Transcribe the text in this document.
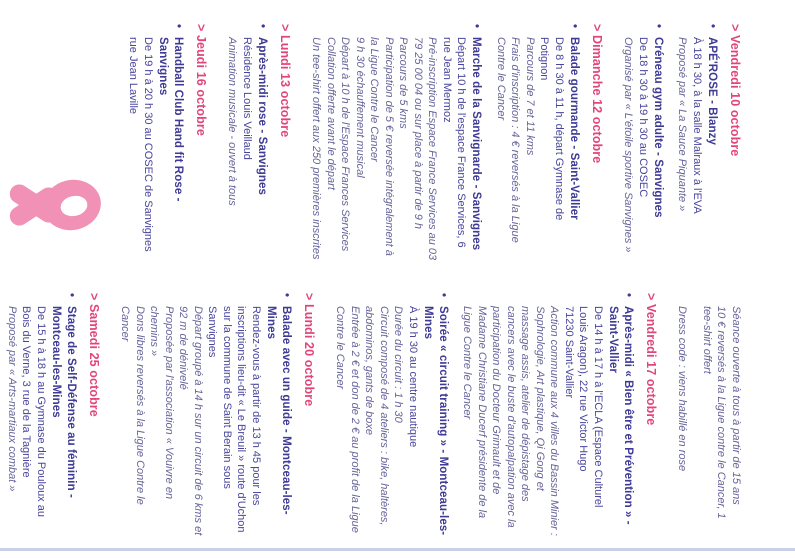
> Vendredi 10 octobre
•
APÉ'ROSE - Blanzy
À 18 h 30, à la salle Malraux à l'EVA
Proposé par « La Sauce Piquante »
•
Créneau gym adulte - Sanvignes
De 18 h 30 à 19 h 30 au COSEC
Organisé par « L'étoile sportive Sanvignes »
> Dimanche 12 octobre
•
Balade gourmande - Saint-Vallier
De 8 h 30 à 11 h, départ Gymnase de Potignon
Parcours de 7 et 11 kms
Frais d'inscription : 4 € reversés à la Ligue Contre le Cancer
•
Marche de la Sanvignarde - Sanvignes
Départ 10 h de l'espace France Services, 6 rue Jean Mermoz
Pré-inscription Espace France Services au 03 79 25 00 04 ou sur place à partir de 9 h
Parcours de 5 kms
Participation de 5 € reversée intégralement à la Ligue Contre le Cancer
9 h 30 échauffement musical
Départ à 10 h de l'Espace Frances Services
Collation offerte avant le départ
Un tee-shirt offert aux 250 premières inscrites
> Lundi 13 octobre
•
Après-midi rose - Sanvignes
Résidence Louis Veillaud
Animation musicale - ouvert à tous
> Jeudi 16 octobre
•
Handball Club Hand fit Rose - Sanvignes
De 19 h à 20 h 30 au COSEC de Sanvignes rue Jean Laville
Séance ouverte à tous à partir de 15 ans
10 € reversés à la Ligue contre le Cancer, 1 tee-shirt offert
Dress code : viens habillé en rose
> Vendredi 17 octobre
•
Après-midi « Bien être et Prévention » - Saint-Vallier
De 14 h à 17 h à l'ECLA (Espace Culturel Louis Aragon), 22 rue Victor Hugo
71230 Saint-Vallier
Action commune aux 4 villes du Bassin Minier : Sophrologie, Art plastique, Qi Gong et massage assis, atelier de dépistage des cancers avec le buste d'autopalpation avec la participation du Docteur Grimault et de Madame Christiane Ducerf présidente de la Ligue Contre le Cancer
•
Soirée « circuit training » - Montceau-les-Mines
À 19 h 30 au centre nautique
Durée du circuit : 1 h 30
Circuit composé de 4 ateliers : bike, haltères, abdominos, gants de boxe
Entrée à 2 € et don de 2 € au profit de la Ligue Contre le Cancer
> Lundi 20 octobre
•
Balade avec un guide - Montceau-les-Mines
Rendez-vous à partir de 13 h 45 pour les inscriptions lieu-dit « Le Breuil » route d'Uchon sur la commune de Saint Berain sous Sanvignes
Départ groupé à 14 h sur un circuit de 6 kms et 92 m de dénivelé
Proposée par l'association « Vouivre en chemins »
Dons libres reversés à la Ligue Contre le Cancer
> Samedi 25 octobre
•
Stage de Self-Défense au féminin - Montceau-les-Mines
De 15 h à 18 h au Gymnase du Pouloux au Bois du Verne, 3 rue de la Tagnière
Proposé par « Arts-martiaux combat »
